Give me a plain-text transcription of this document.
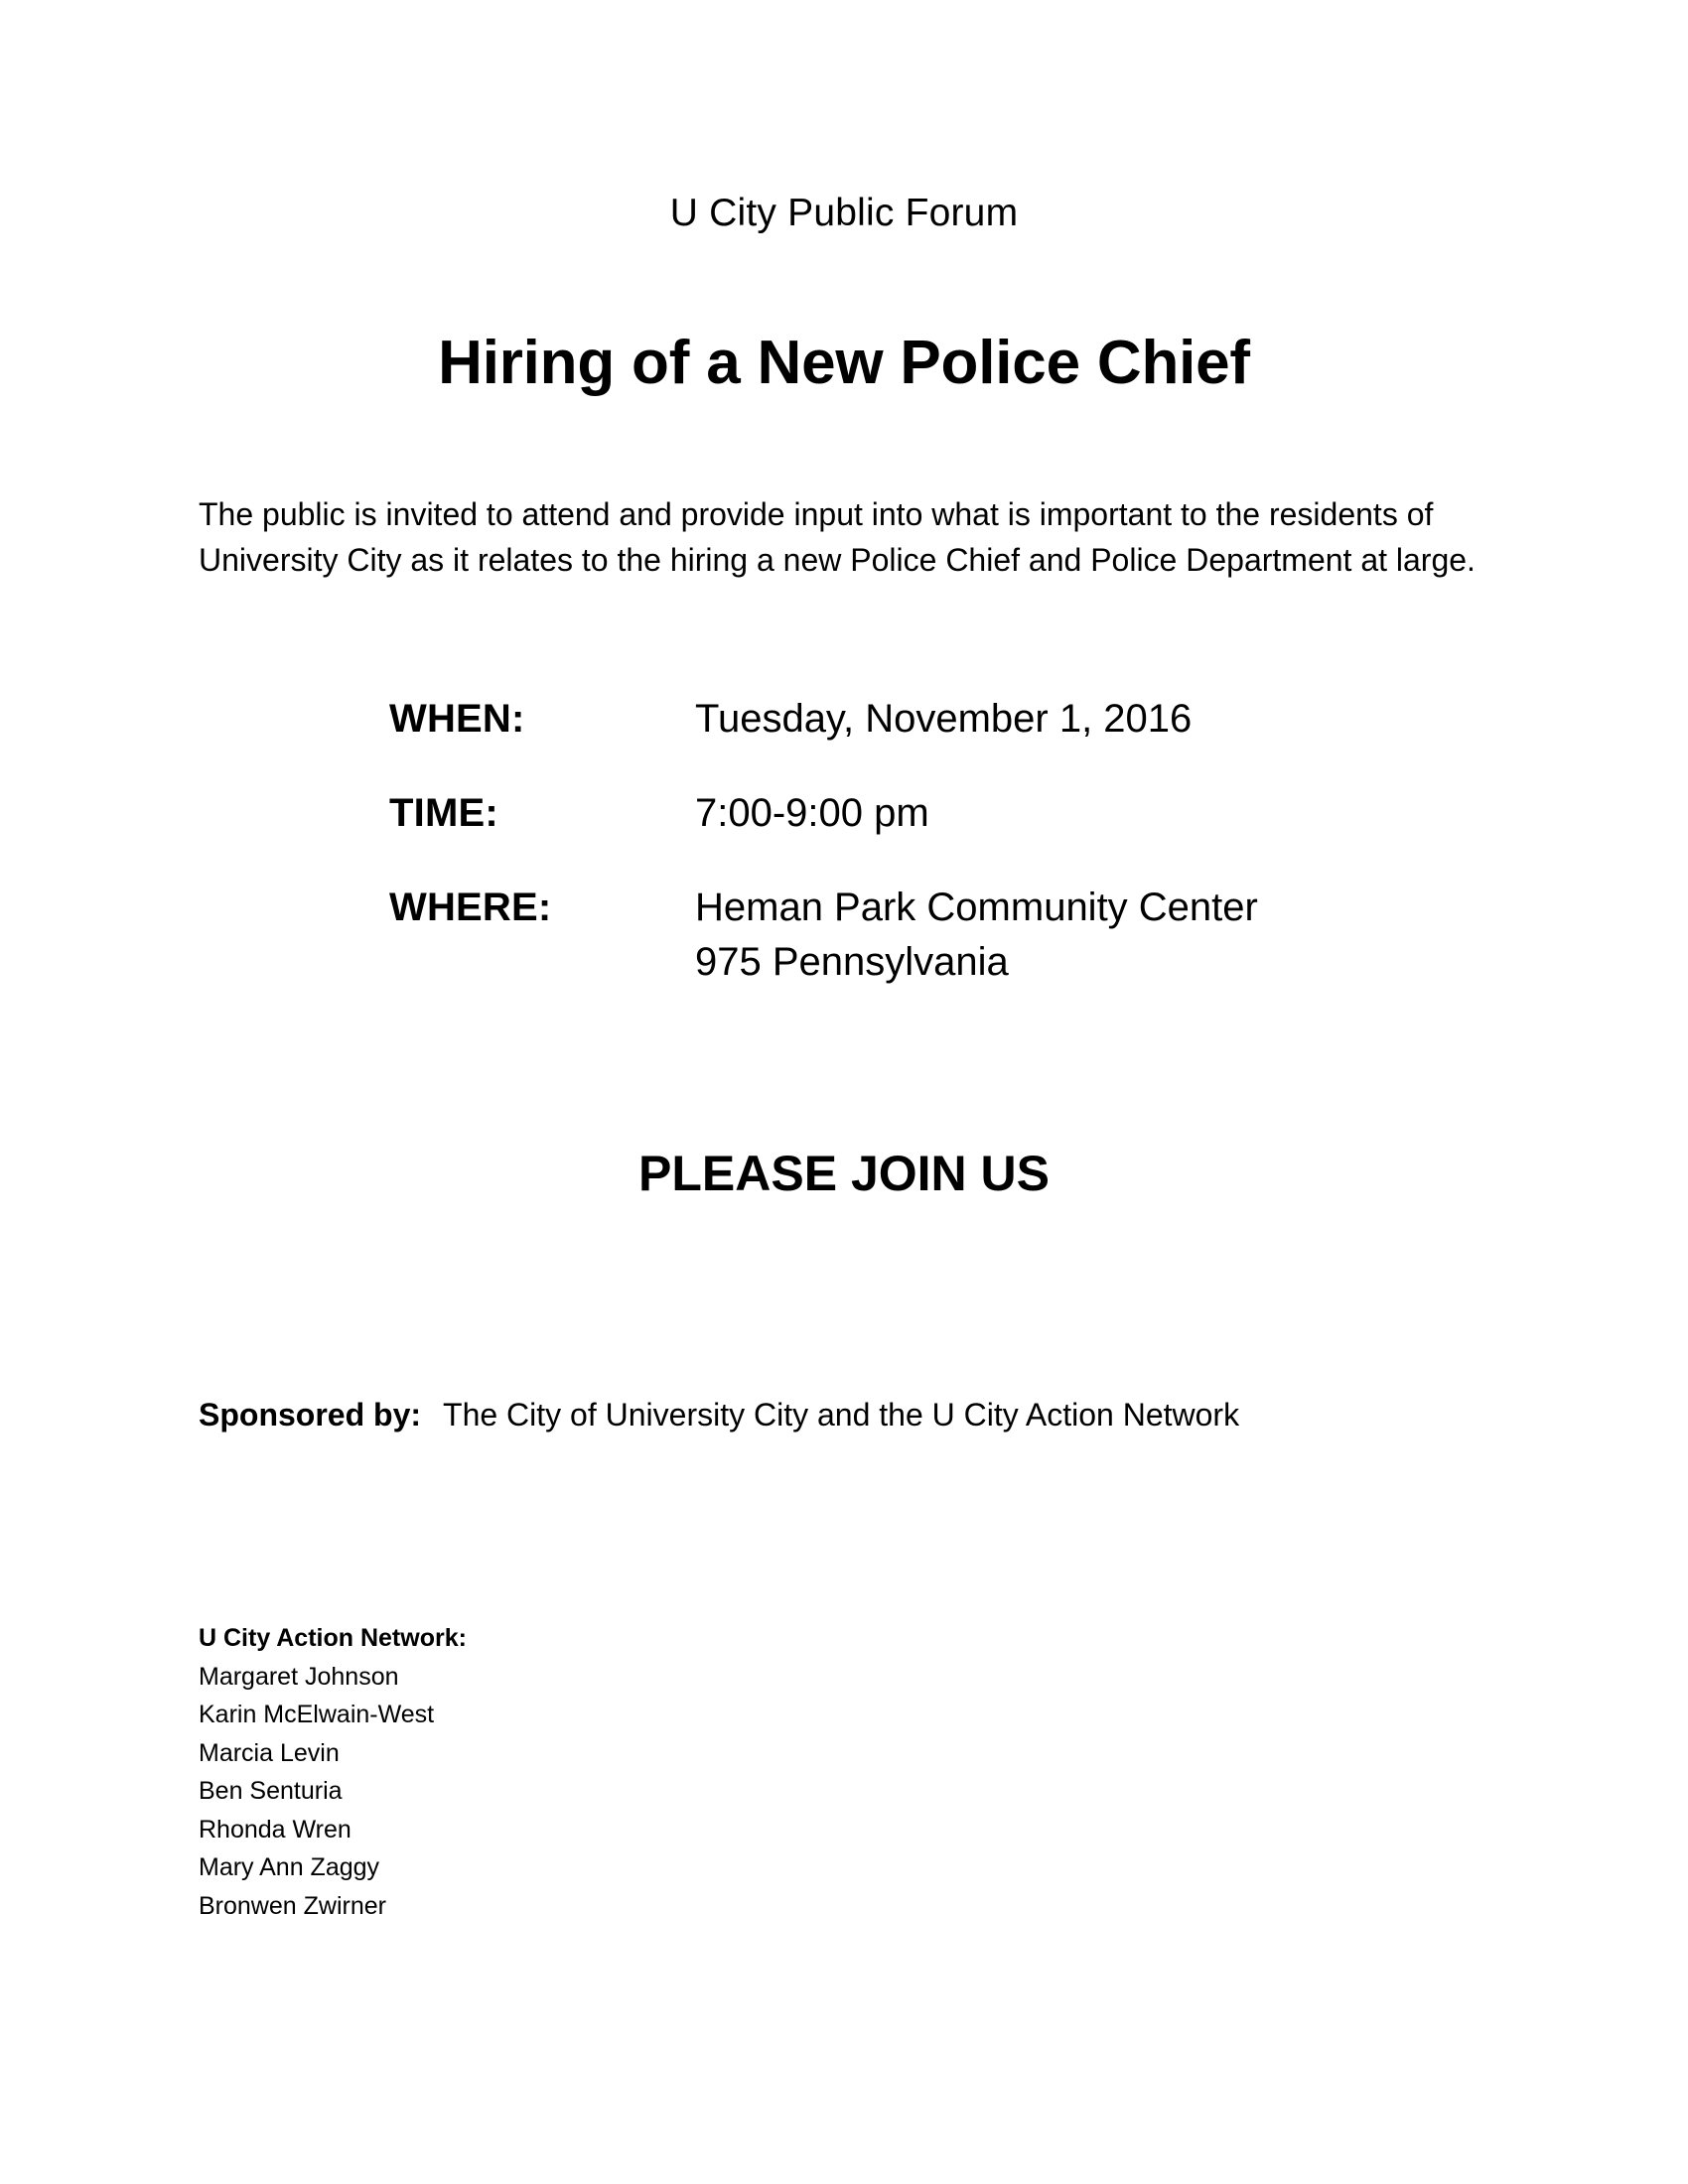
U City Public Forum
Hiring of a New Police Chief
The public is invited to attend and provide input into what is important to the residents of
University City as it relates to the hiring a new Police Chief and Police Department at large.
WHEN:	Tuesday, November 1, 2016
TIME:	7:00-9:00 pm
WHERE:	Heman Park Community Center
975 Pennsylvania
PLEASE JOIN US
Sponsored by: The City of University City and the U City Action Network
U City Action Network:
Margaret Johnson
Karin McElwain-West
Marcia Levin
Ben Senturia
Rhonda Wren
Mary Ann Zaggy
Bronwen Zwirner
